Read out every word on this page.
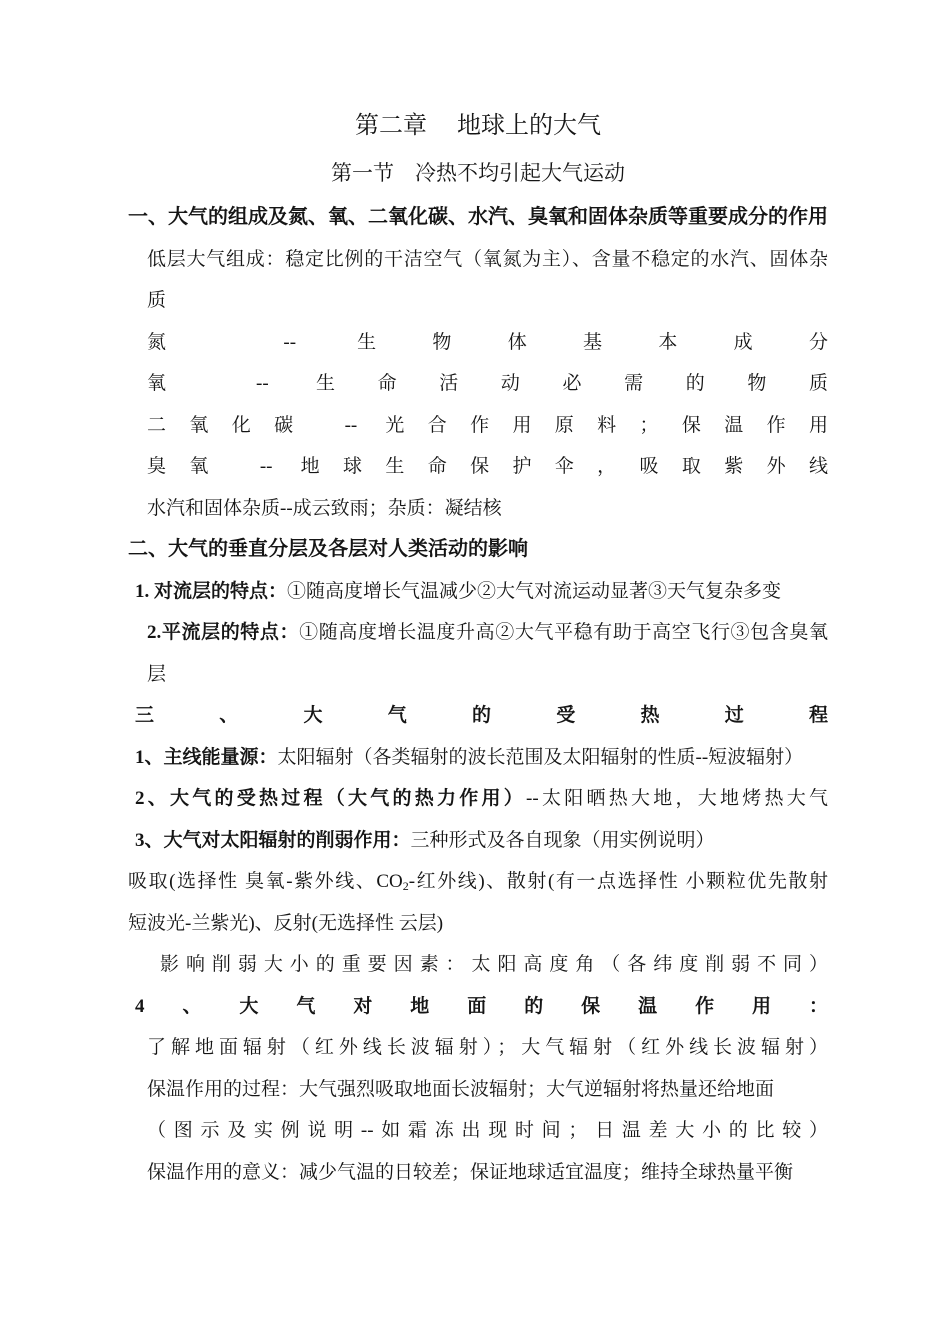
第二章　 地球上的大气

第一节　冷热不均引起大气运动

一、大气的组成及氮、氧、二氧化碳、水汽、臭氧和固体杂质等重要成分的作用

低层大气组成：稳定比例的干洁空气（氧氮为主）、含量不稳定的水汽、固体杂

质

氮 -- 生物体基本成分

氧 -- 生命活动必需的物质

二氧化碳 -- 光合作用原料；保温作用

臭氧 -- 地球生命保护伞，吸取紫外线

水汽和固体杂质--成云致雨；杂质：凝结核

二、大气的垂直分层及各层对人类活动的影响

1. 对流层的特点：①随高度增长气温减少②大气对流运动显著③天气复杂多变

2.平流层的特点：①随高度增长温度升高②大气平稳有助于高空飞行③包含臭氧

层

三、大气的受热过程

1、主线能量源：太阳辐射（各类辐射的波长范围及太阳辐射的性质--短波辐射）

2、大气的受热过程（大气的热力作用）--太阳晒热大地，大地烤热大气

3、大气对太阳辐射的削弱作用：三种形式及各自现象（用实例说明）

吸取(选择性 臭氧-紫外线、$CO_2-$红外线)、散射(有一点选择性 小颗粒优先散射

短波光-兰紫光)、反射(无选择性 云层)

影响削弱大小的重要因素：太阳高度角（各纬度削弱不同）

4、大气对地面的保温作用：

了解地面辐射（红外线长波辐射）；大气辐射（红外线长波辐射）

保温作用的过程：大气强烈吸取地面长波辐射；大气逆辐射将热量还给地面

（图示及实例说明--如霜冻出现时间；日温差大小的比较）

保温作用的意义：减少气温的日较差；保证地球适宜温度；维持全球热量平衡
